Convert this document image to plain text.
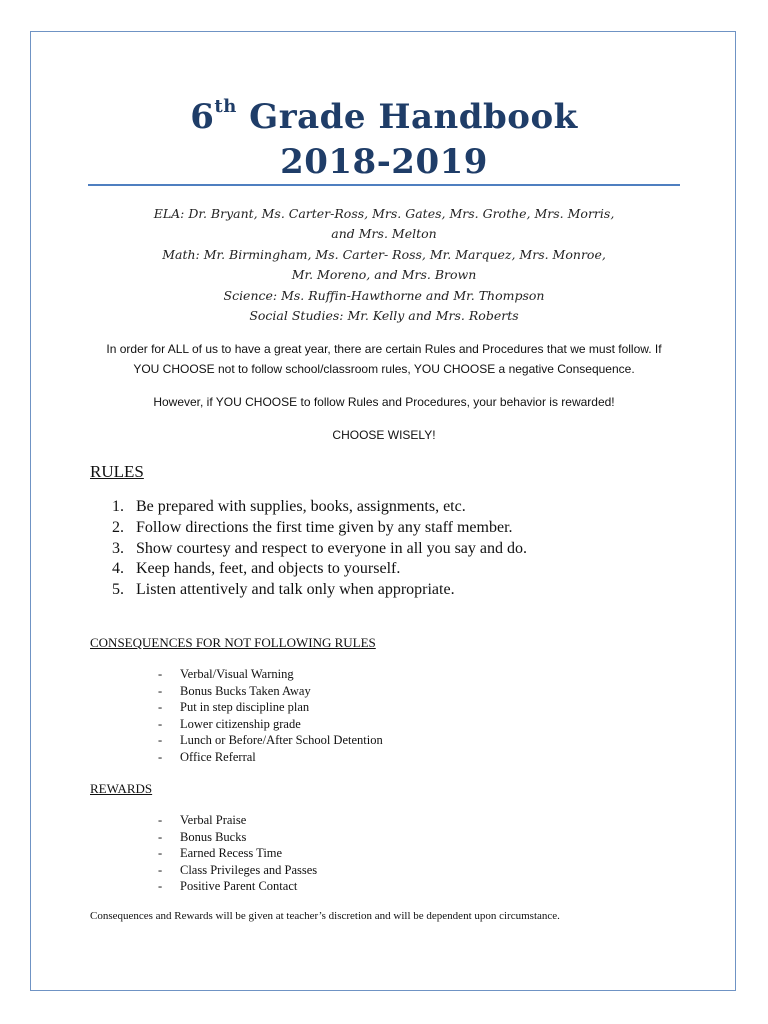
6th Grade Handbook
2018-2019
ELA: Dr. Bryant, Ms. Carter-Ross, Mrs. Gates, Mrs. Grothe, Mrs. Morris,
and Mrs. Melton
Math: Mr. Birmingham, Ms. Carter- Ross, Mr. Marquez, Mrs. Monroe,
Mr. Moreno, and Mrs. Brown
Science: Ms. Ruffin-Hawthorne and Mr. Thompson
Social Studies: Mr. Kelly and Mrs. Roberts
In order for ALL of us to have a great year, there are certain Rules and Procedures that we must follow. If
YOU CHOOSE not to follow school/classroom rules, YOU CHOOSE a negative Consequence.
However, if YOU CHOOSE to follow Rules and Procedures, your behavior is rewarded!
CHOOSE WISELY!
RULES
1. Be prepared with supplies, books, assignments, etc.
2. Follow directions the first time given by any staff member.
3. Show courtesy and respect to everyone in all you say and do.
4. Keep hands, feet, and objects to yourself.
5. Listen attentively and talk only when appropriate.
CONSEQUENCES FOR NOT FOLLOWING RULES
- Verbal/Visual Warning
- Bonus Bucks Taken Away
- Put in step discipline plan
- Lower citizenship grade
- Lunch or Before/After School Detention
- Office Referral
REWARDS
- Verbal Praise
- Bonus Bucks
- Earned Recess Time
- Class Privileges and Passes
- Positive Parent Contact
Consequences and Rewards will be given at teacher’s discretion and will be dependent upon circumstance.
